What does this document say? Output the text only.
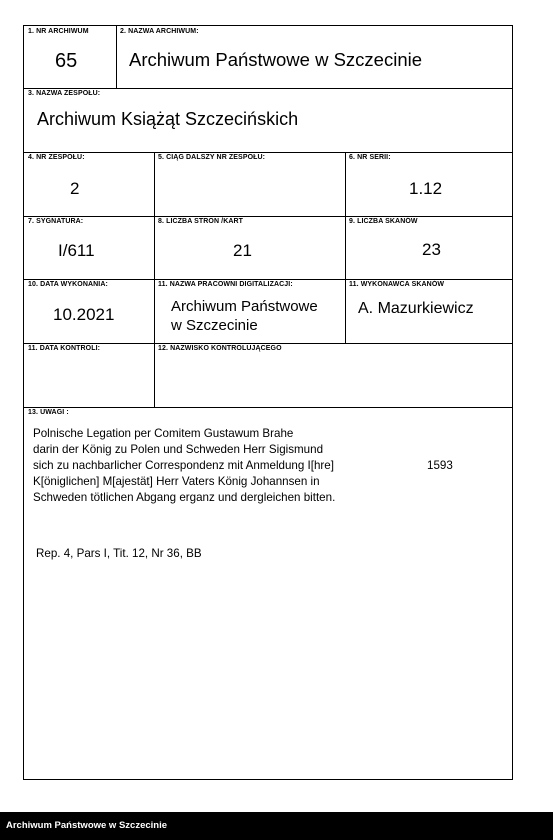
1. NR ARCHIWUM
65
2. NAZWA ARCHIWUM:
Archiwum Państwowe w Szczecinie
3. NAZWA ZESPOŁU:
Archiwum Książąt Szczecińskich
4. NR ZESPOŁU:
2
5. CIĄG DALSZY NR ZESPOŁU:	6. NR SERII:
1.12
7. SYGNATURA:
I/611
8. LICZBA STRON /KART
21
9. LICZBA SKANÓW
23
10. DATA WYKONANIA:
10.2021
11. NAZWA PRACOWNI DIGITALIZACJI:
Archiwum Państwowe
w Szczecinie
11. WYKONAWCA SKANÓW
A. Mazurkiewicz
11. DATA KONTROLI:	12. NAZWISKO KONTROLUJĄCEGO
13. UWAGI :
Polnische Legation per Comitem Gustawum Brahe
darin der König zu Polen und Schweden Herr Sigismund
sich zu nachbarlicher Correspondenz mit Anmeldung I[hre]
K[öniglichen] M[ajestät] Herr Vaters König Johannsen in
Schweden tötlichen Abgang erganz und dergleichen bitten.
1593
Rep. 4, Pars I, Tit. 12, Nr 36, BB
Archiwum Państwowe w Szczecinie
